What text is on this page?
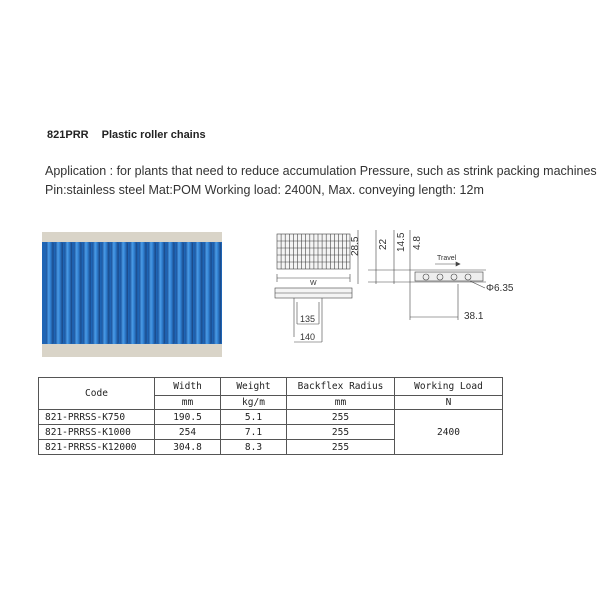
821PRR Plastic roller chains
Application : for plants that need to reduce accumulation Pressure, such as strink packing machines
Pin:stainless steel Mat:POM Working load: 2400N, Max. conveying length: 12m
W
135
140
28.5 22 14.5 4.8
Travel
Φ6.35
38.1
Code	Width	Weight	Backflex Radius	Working Load
	mm	kg/m	mm	N
821-PRRSS-K750	190.5	5.1	255	2400
821-PRRSS-K1000	254	7.1	255	
821-PRRSS-K12000	304.8	8.3	255	
